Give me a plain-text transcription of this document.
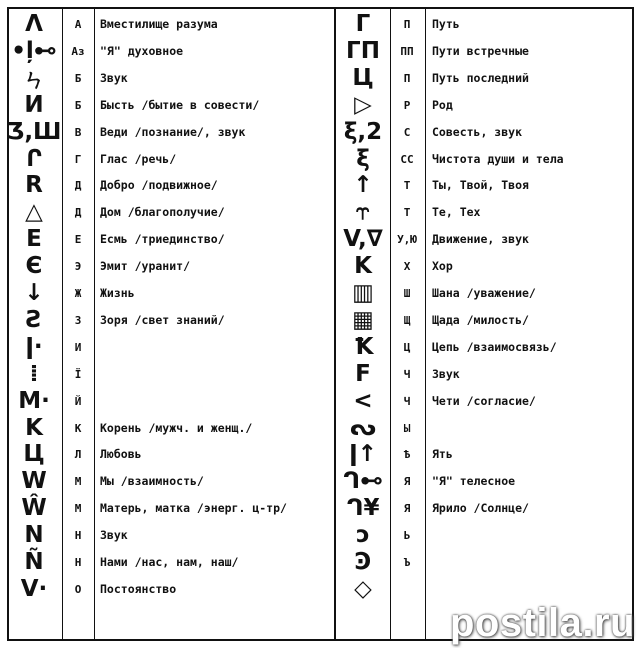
Λ	А	Вместилище разума
•ļ⊷	Аз	"Я" духовное
ㄣ	Б	Звук
Ͷ	Б	Бысть /бытие в совести/
Ʒ,Ш	В	Веди /познание/, звук
Ր	Г	Глас /речь/
R	Д	Добро /подвижное/
△	Д	Дом /благополучие/
E	Е	Есмь /триединство/
Є	Э	Эмит /уранит/
↓	Ж	Жизнь
Ƨ	З	Зоря /свет знаний/
ǀ·	И
⁞	Ї
M·	Й
K	К	Корень /мужч. и женщ./
Ц	Л	Любовь
W	М	Мы /взаимность/
Ŵ	М	Матерь, матка /энерг. ц-тр/
N	Н	Звук
Ñ	Н	Нами /нас, нам, наш/
V·	О	Постоянство
Г	П	Путь
ГП	ПП	Пути встречные
Ц	П	Путь последний
▷	Р	Род
ξ,2	С	Совесть, звук
ξ	СС	Чистота души и тела
↑	Т	Ты, Твой, Твоя
⥾	Т	Те, Тех
V,∇	У,Ю	Движение, звук
K	Х	Хор
▥	Ш	Шана /уважение/
▦	Щ	Щада /милость/
Ꝁ	Ц	Цепь /взаимосвязь/
F	Ч	Звук
<	Ч	Чети /согласие/
ᔓ	Ы
ǀ↑	Ѣ	Ять
ᒉ⊷	Я	"Я" телесное
ᒉ¥	Я	Ярило /Солнце/
ↄ	Ь
Ͽ	Ъ
◇
postila.ru
